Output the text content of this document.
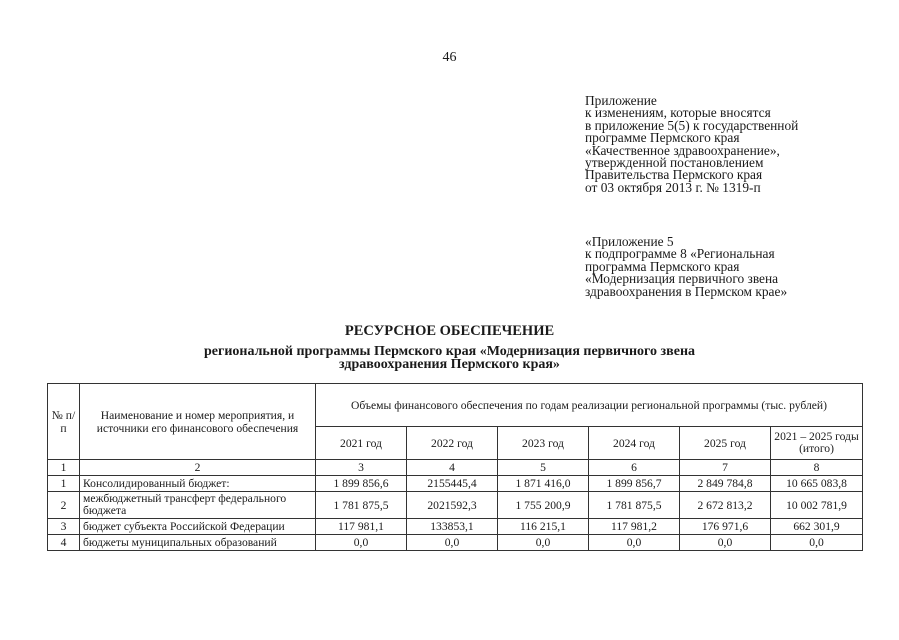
46
Приложение
к изменениям, которые вносятся
в приложение 5(5) к государственной
программе Пермского края
«Качественное здравоохранение»,
утвержденной постановлением
Правительства Пермского края
от 03 октября 2013 г. № 1319-п
«Приложение 5
к подпрограмме 8 «Региональная
программа Пермского края
«Модернизация первичного звена
здравоохранения в Пермском крае»
РЕСУРСНОЕ ОБЕСПЕЧЕНИЕ
региональной программы Пермского края «Модернизация первичного звена
здравоохранения Пермского края»
№ п/п	Наименование и номер мероприятия, и источники его финансового обеспечения	Объемы финансового обеспечения по годам реализации региональной программы (тыс. рублей)					
		2021 год	2022 год	2023 год	2024 год	2025 год	2021 – 2025 годы (итого)
1	2	3	4	5	6	7	8
1	Консолидированный бюджет:	1 899 856,6	2155445,4	1 871 416,0	1 899 856,7	2 849 784,8	10 665 083,8
2	межбюджетный трансферт федерального бюджета	1 781 875,5	2021592,3	1 755 200,9	1 781 875,5	2 672 813,2	10 002 781,9
3	бюджет субъекта Российской Федерации	117 981,1	133853,1	116 215,1	117 981,2	176 971,6	662 301,9
4	бюджеты муниципальных образований	0,0	0,0	0,0	0,0	0,0	0,0
